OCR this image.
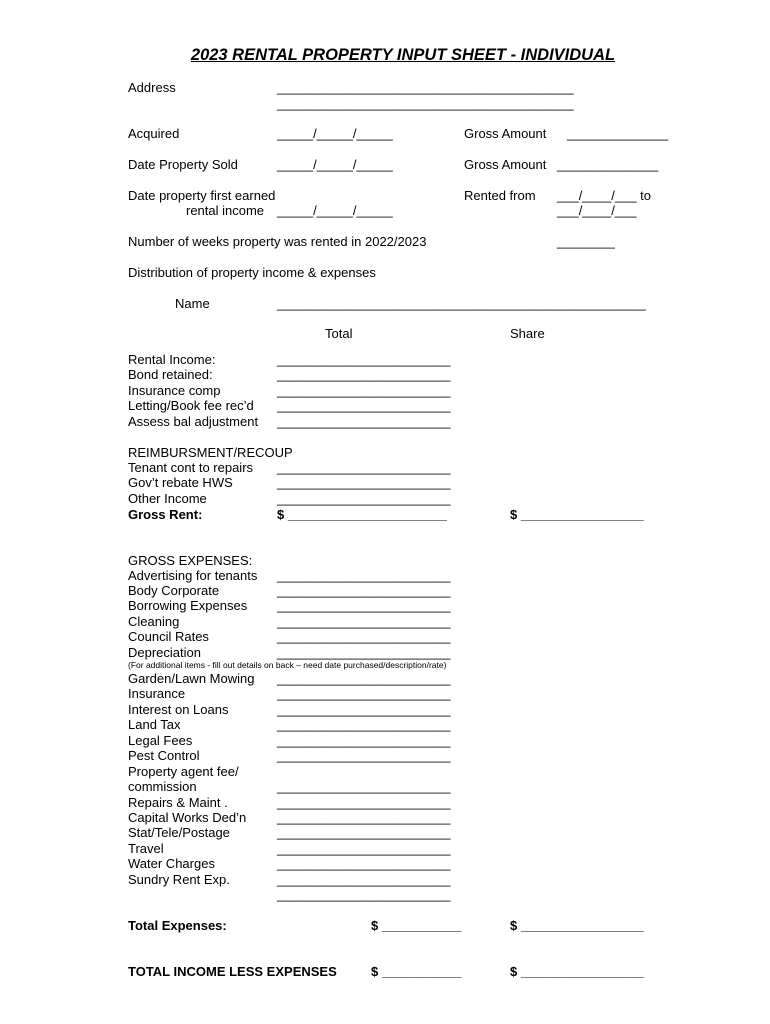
2023 RENTAL PROPERTY INPUT SHEET - INDIVIDUAL
Address	_________________________________________
_________________________________________
Acquired	_____/_____/_____	Gross Amount ______________
Date Property Sold	_____/_____/_____	Gross Amount ______________
Date property first earned
rental income _____/_____/_____
Rented from ___/____/___ to
___/____/___
Number of weeks property was rented in 2022/2023	________
Distribution of property income & expenses
Name	___________________________________________________
Total	Share
Rental Income:	________________________
Bond retained:	________________________
Insurance comp	________________________
Letting/Book fee rec’d ________________________
Assess bal adjustment ________________________
REIMBURSMENT/RECOUP
Tenant cont to repairs ________________________
Gov’t rebate HWS	________________________
Other Income	________________________
Gross Rent:	$ ______________________	$ _________________
GROSS EXPENSES:
Advertising for tenants ________________________
Body Corporate	________________________
Borrowing Expenses ________________________
Cleaning	________________________
Council Rates	________________________
Depreciation	________________________
(For additional items - fill out details on back – need date purchased/description/rate)
Garden/Lawn Mowing ________________________
Insurance	________________________
Interest on Loans	________________________
Land Tax	________________________
Legal Fees	________________________
Pest Control	________________________
Property agent fee/
commission	________________________
Repairs & Maint .	________________________
Capital Works Ded’n ________________________
Stat/Tele/Postage	________________________
Travel	________________________
Water Charges	________________________
Sundry Rent Exp.	________________________
________________________
Total Expenses:	$ ___________	$ _________________
TOTAL INCOME LESS EXPENSES	$ ___________	$ _________________
